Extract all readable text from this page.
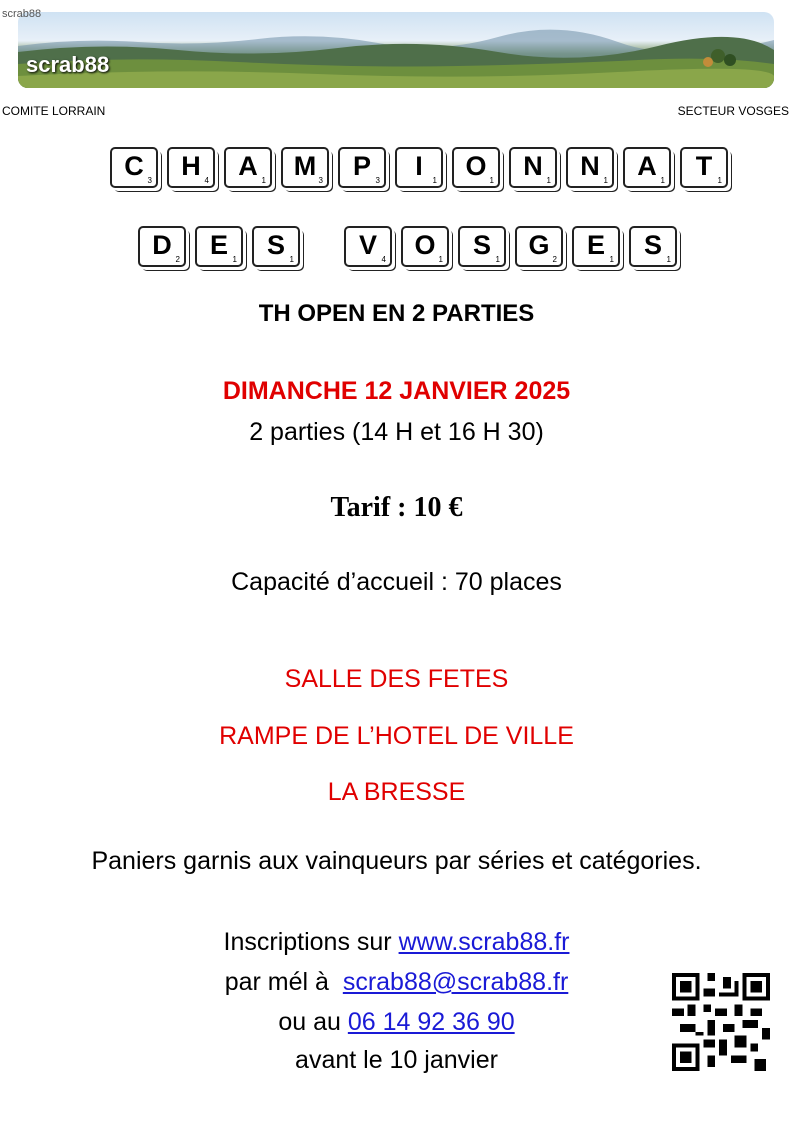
scrab88
scrab88
COMITE LORRAIN	SECTEUR VOSGES
C 3	H 4	A 1	M 3	P 3	I	1	O 1	N 1	N 1	A 1	T 1
D 2	E 1	S 1	V 4	O 1	S 1	G 2	E 1	S 1
TH OPEN EN 2 PARTIES
DIMANCHE 12 JANVIER 2025
2 parties (14 H et 16 H 30)
Tarif : 10 €
Capacité d’accueil : 70 places
SALLE DES FETES
RAMPE DE L’HOTEL DE VILLE
LA BRESSE
Paniers garnis aux vainqueurs par séries et catégories.
Inscriptions sur www.scrab88.fr
par mél à  scrab88@scrab88.fr
ou au 06 14 92 36 90
avant le 10 janvier
